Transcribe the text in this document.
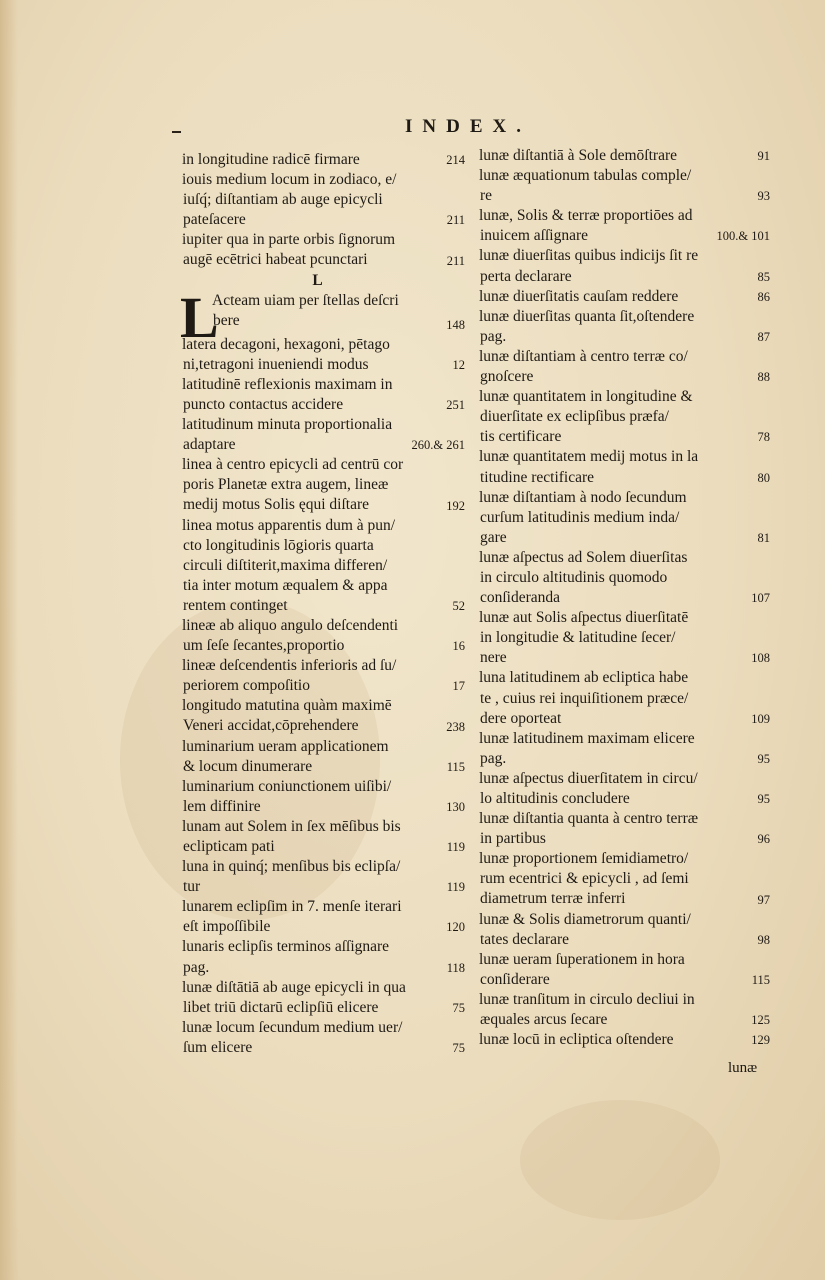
INDEX.
in longitudine radicē firmare	214
iouis medium locum in zodiaco, e/
iuſq́; diſtantiam ab auge epicycli
pateſacere	211
iupiter qua in parte orbis ſignorum
augē ecētrici habeat pcunctari	211
L
L
Acteam uiam per ſtellas deſcri
bere	148
latera decagoni, hexagoni, pētago
ni,tetragoni inueniendi modus	12
latitudinē reflexionis maximam in
puncto contactus accidere	251
latitudinum minuta proportionalia
adaptare	260.& 261
linea à centro epicycli ad centrū cor
poris Planetæ extra augem, lineæ
medij motus Solis ęqui diſtare	192
linea motus apparentis dum à pun/
cto longitudinis lōgioris quarta
circuli diſtiterit,maxima differen/
tia inter motum æqualem & appa
rentem continget	52
lineæ ab aliquo angulo deſcendenti
um ſeſe ſecantes,proportio	16
lineæ deſcendentis inferioris ad ſu/
periorem compoſitio	17
longitudo matutina quàm maximē
Veneri accidat,cōprehendere	238
luminarium ueram applicationem
& locum dinumerare	115
luminarium coniunctionem uiſibi/
lem diffinire	130
lunam aut Solem in ſex mēſibus bis
eclipticam pati	119
luna in quinq́; menſibus bis eclipſa/
tur	119
lunarem eclipſim in 7. menſe iterari
eſt impoſſibile	120
lunaris eclipſis terminos aſſignare
pag.	118
lunæ diſtātiā ab auge epicycli in qua
libet triū dictarū eclipſiū elicere	75
lunæ locum ſecundum medium uer/
ſum elicere	75
lunæ diſtantiā à Sole demōſtrare	91
lunæ æquationum tabulas comple/
re	93
lunæ, Solis & terræ proportiōes ad
inuicem aſſignare	100.& 101
lunæ diuerſitas quibus indicijs ſit re
perta declarare	85
lunæ diuerſitatis cauſam reddere	86
lunæ diuerſitas quanta ſit,oſtendere
pag.	87
lunæ diſtantiam à centro terræ co/
gnoſcere	88
lunæ quantitatem in longitudine &
diuerſitate ex eclipſibus præfa/
tis certificare	78
lunæ quantitatem medij motus in la
titudine rectificare	80
lunæ diſtantiam à nodo ſecundum
curſum latitudinis medium inda/
gare	81
lunæ aſpectus ad Solem diuerſitas
in circulo altitudinis quomodo
conſideranda	107
lunæ aut Solis aſpectus diuerſitatē
in longitudie & latitudine ſecer/
nere	108
luna latitudinem ab ecliptica habe
te , cuius rei inquiſitionem præce/
dere oporteat	109
lunæ latitudinem maximam elicere
pag.	95
lunæ aſpectus diuerſitatem in circu/
lo altitudinis concludere	95
lunæ diſtantia quanta à centro terræ
in partibus	96
lunæ proportionem ſemidiametro/
rum ecentrici & epicycli , ad ſemi
diametrum terræ inferri	97
lunæ & Solis diametrorum quanti/
tates declarare	98
lunæ ueram ſuperationem in hora
conſiderare	115
lunæ tranſitum in circulo decliui in
æquales arcus ſecare	125
lunæ locū in ecliptica oſtendere	129
lunæ
